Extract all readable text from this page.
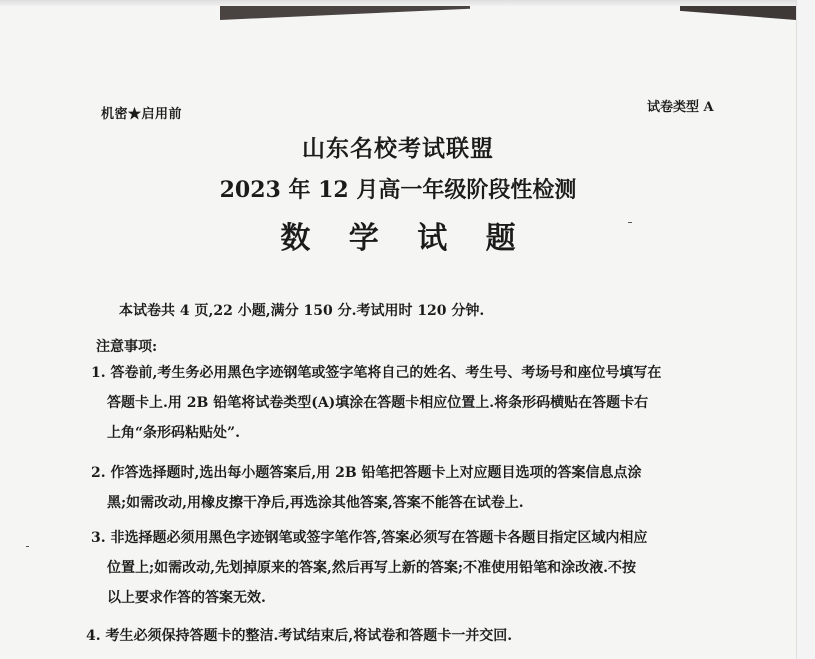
机密★启用前	试卷类型 A
山东名校考试联盟
2023 年 12 月高一年级阶段性检测
数 学 试 题
本试卷共 4 页,22 小题,满分 150 分.考试用时 120 分钟.
注意事项:
1. 答卷前,考生务必用黑色字迹钢笔或签字笔将自己的姓名、考生号、考场号和座位号填写在
答题卡上.用 2B 铅笔将试卷类型(A)填涂在答题卡相应位置上.将条形码横贴在答题卡右
上角“条形码粘贴处”.
2. 作答选择题时,选出每小题答案后,用 2B 铅笔把答题卡上对应题目选项的答案信息点涂
黑;如需改动,用橡皮擦干净后,再选涂其他答案,答案不能答在试卷上.
3. 非选择题必须用黑色字迹钢笔或签字笔作答,答案必须写在答题卡各题目指定区域内相应
位置上;如需改动,先划掉原来的答案,然后再写上新的答案;不准使用铅笔和涂改液.不按
以上要求作答的答案无效.
4. 考生必须保持答题卡的整洁.考试结束后,将试卷和答题卡一并交回.
